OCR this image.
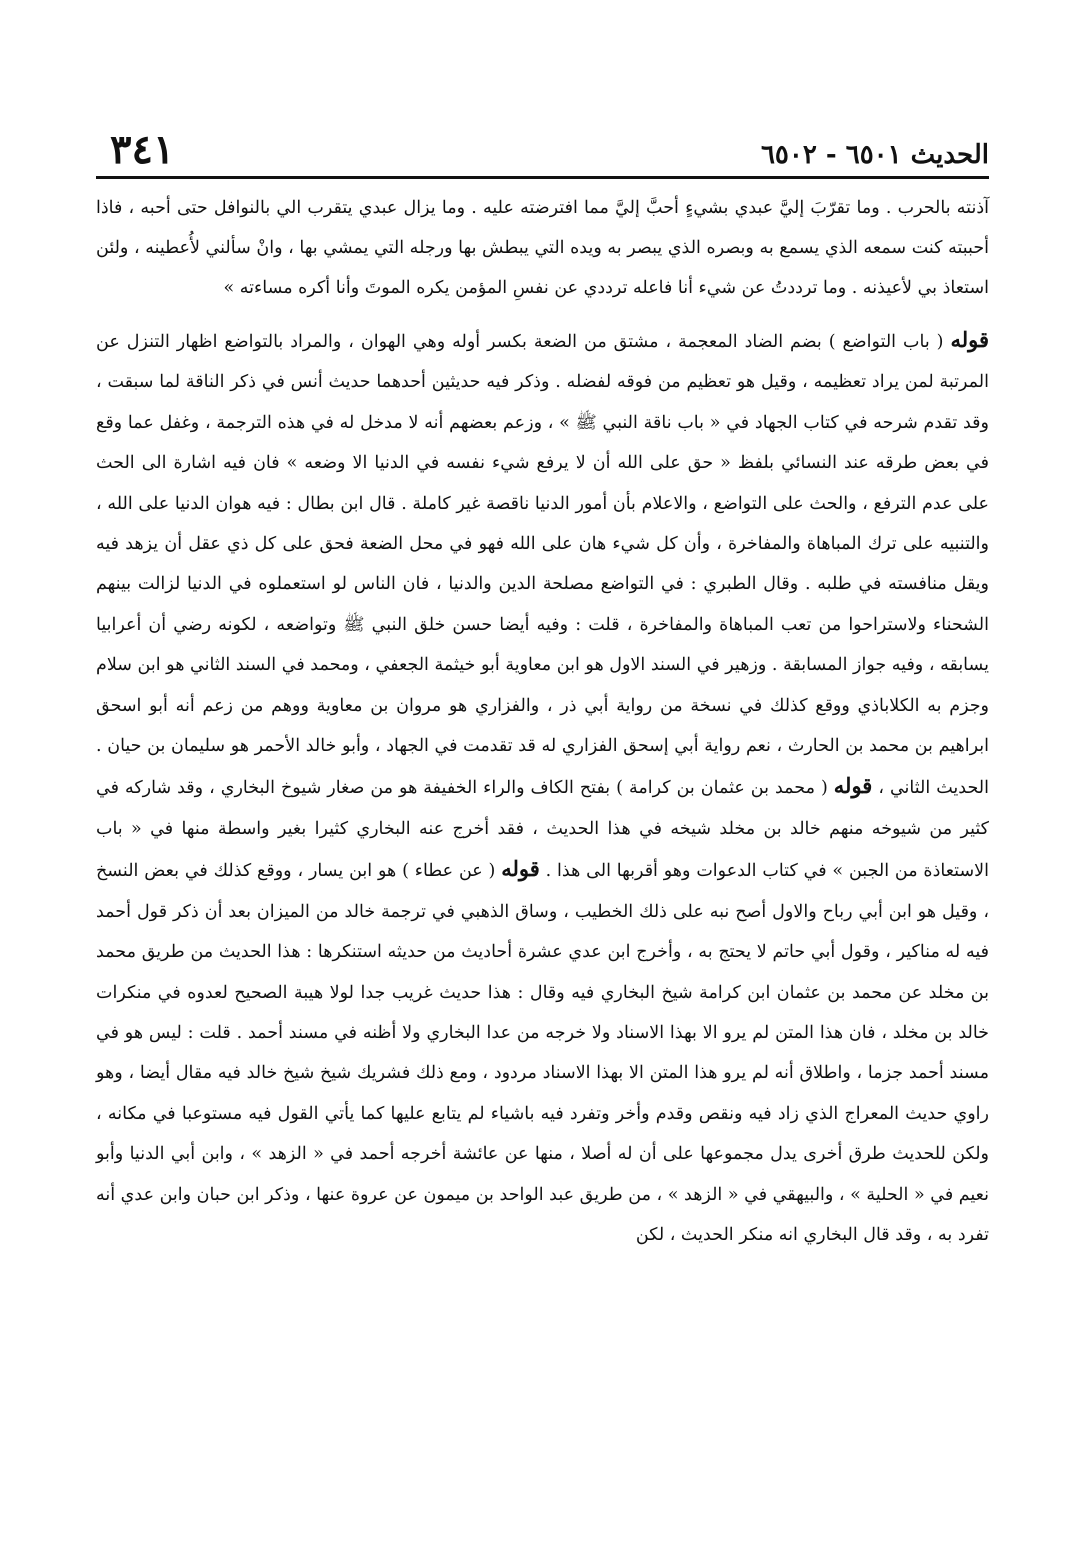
الحديث ٦٥٠١ - ٦٥٠٢
٣٤١

آذنته بالحرب . وما تقرّبَ إليَّ عبدي بشيءٍ أحبَّ إليَّ مما افترضته عليه . وما يزال عبدي يتقرب الي بالنوافل حتى أحبه ، فاذا أحببته كنت سمعه الذي يسمع به وبصره الذي يبصر به ويده التي يبطش بها ورجله التي يمشي بها ، وانْ سألني لأُعطينه ، ولئن استعاذ بي لأعيذنه . وما ترددتُ عن شيء أنا فاعله ترددي عن نفسِ المؤمن يكره الموتَ وأنا أكره مساءته »

قوله ( باب التواضع ) بضم الضاد المعجمة ، مشتق من الضعة بكسر أوله وهي الهوان ، والمراد بالتواضع اظهار التنزل عن المرتبة لمن يراد تعظيمه ، وقيل هو تعظيم من فوقه لفضله . وذكر فيه حديثين أحدهما حديث أنس في ذكر الناقة لما سبقت ، وقد تقدم شرحه في كتاب الجهاد في « باب ناقة النبي ﷺ » ، وزعم بعضهم أنه لا مدخل له في هذه الترجمة ، وغفل عما وقع في بعض طرقه عند النسائي بلفظ « حق على الله أن لا يرفع شيء نفسه في الدنيا الا وضعه » فان فيه اشارة الى الحث على عدم الترفع ، والحث على التواضع ، والاعلام بأن أمور الدنيا ناقصة غير كاملة . قال ابن بطال : فيه هوان الدنيا على الله ، والتنبيه على ترك المباهاة والمفاخرة ، وأن كل شيء هان على الله فهو في محل الضعة فحق على كل ذي عقل أن يزهد فيه ويقل منافسته في طلبه . وقال الطبري : في التواضع مصلحة الدين والدنيا ، فان الناس لو استعملوه في الدنيا لزالت بينهم الشحناء ولاستراحوا من تعب المباهاة والمفاخرة ، قلت : وفيه أيضا حسن خلق النبي ﷺ وتواضعه ، لكونه رضي أن أعرابيا يسابقه ، وفيه جواز المسابقة . وزهير في السند الاول هو ابن معاوية أبو خيثمة الجعفي ، ومحمد في السند الثاني هو ابن سلام وجزم به الكلاباذي ووقع كذلك في نسخة من رواية أبي ذر ، والفزاري هو مروان بن معاوية ووهم من زعم أنه أبو اسحق ابراهيم بن محمد بن الحارث ، نعم رواية أبي إسحق الفزاري له قد تقدمت في الجهاد ، وأبو خالد الأحمر هو سليمان بن حيان . الحديث الثاني ، قوله ( محمد بن عثمان بن كرامة ) بفتح الكاف والراء الخفيفة هو من صغار شيوخ البخاري ، وقد شاركه في كثير من شيوخه منهم خالد بن مخلد شيخه في هذا الحديث ، فقد أخرج عنه البخاري كثيرا بغير واسطة منها في « باب الاستعاذة من الجبن » في كتاب الدعوات وهو أقربها الى هذا . قوله ( عن عطاء ) هو ابن يسار ، ووقع كذلك في بعض النسخ ، وقيل هو ابن أبي رباح والاول أصح نبه على ذلك الخطيب ، وساق الذهبي في ترجمة خالد من الميزان بعد أن ذكر قول أحمد فيه له مناكير ، وقول أبي حاتم لا يحتج به ، وأخرج ابن عدي عشرة أحاديث من حديثه استنكرها : هذا الحديث من طريق محمد بن مخلد عن محمد بن عثمان ابن كرامة شيخ البخاري فيه وقال : هذا حديث غريب جدا لولا هيبة الصحيح لعدوه في منكرات خالد بن مخلد ، فان هذا المتن لم يرو الا بهذا الاسناد ولا خرجه من عدا البخاري ولا أظنه في مسند أحمد . قلت : ليس هو في مسند أحمد جزما ، واطلاق أنه لم يرو هذا المتن الا بهذا الاسناد مردود ، ومع ذلك فشريك شيخ شيخ خالد فيه مقال أيضا ، وهو راوي حديث المعراج الذي زاد فيه ونقص وقدم وأخر وتفرد فيه باشياء لم يتابع عليها كما يأتي القول فيه مستوعبا في مكانه ، ولكن للحديث طرق أخرى يدل مجموعها على أن له أصلا ، منها عن عائشة أخرجه أحمد في « الزهد » ، وابن أبي الدنيا وأبو نعيم في « الحلية » ، والبيهقي في « الزهد » ، من طريق عبد الواحد بن ميمون عن عروة عنها ، وذكر ابن حبان وابن عدي أنه تفرد به ، وقد قال البخاري انه منكر الحديث ، لكن
